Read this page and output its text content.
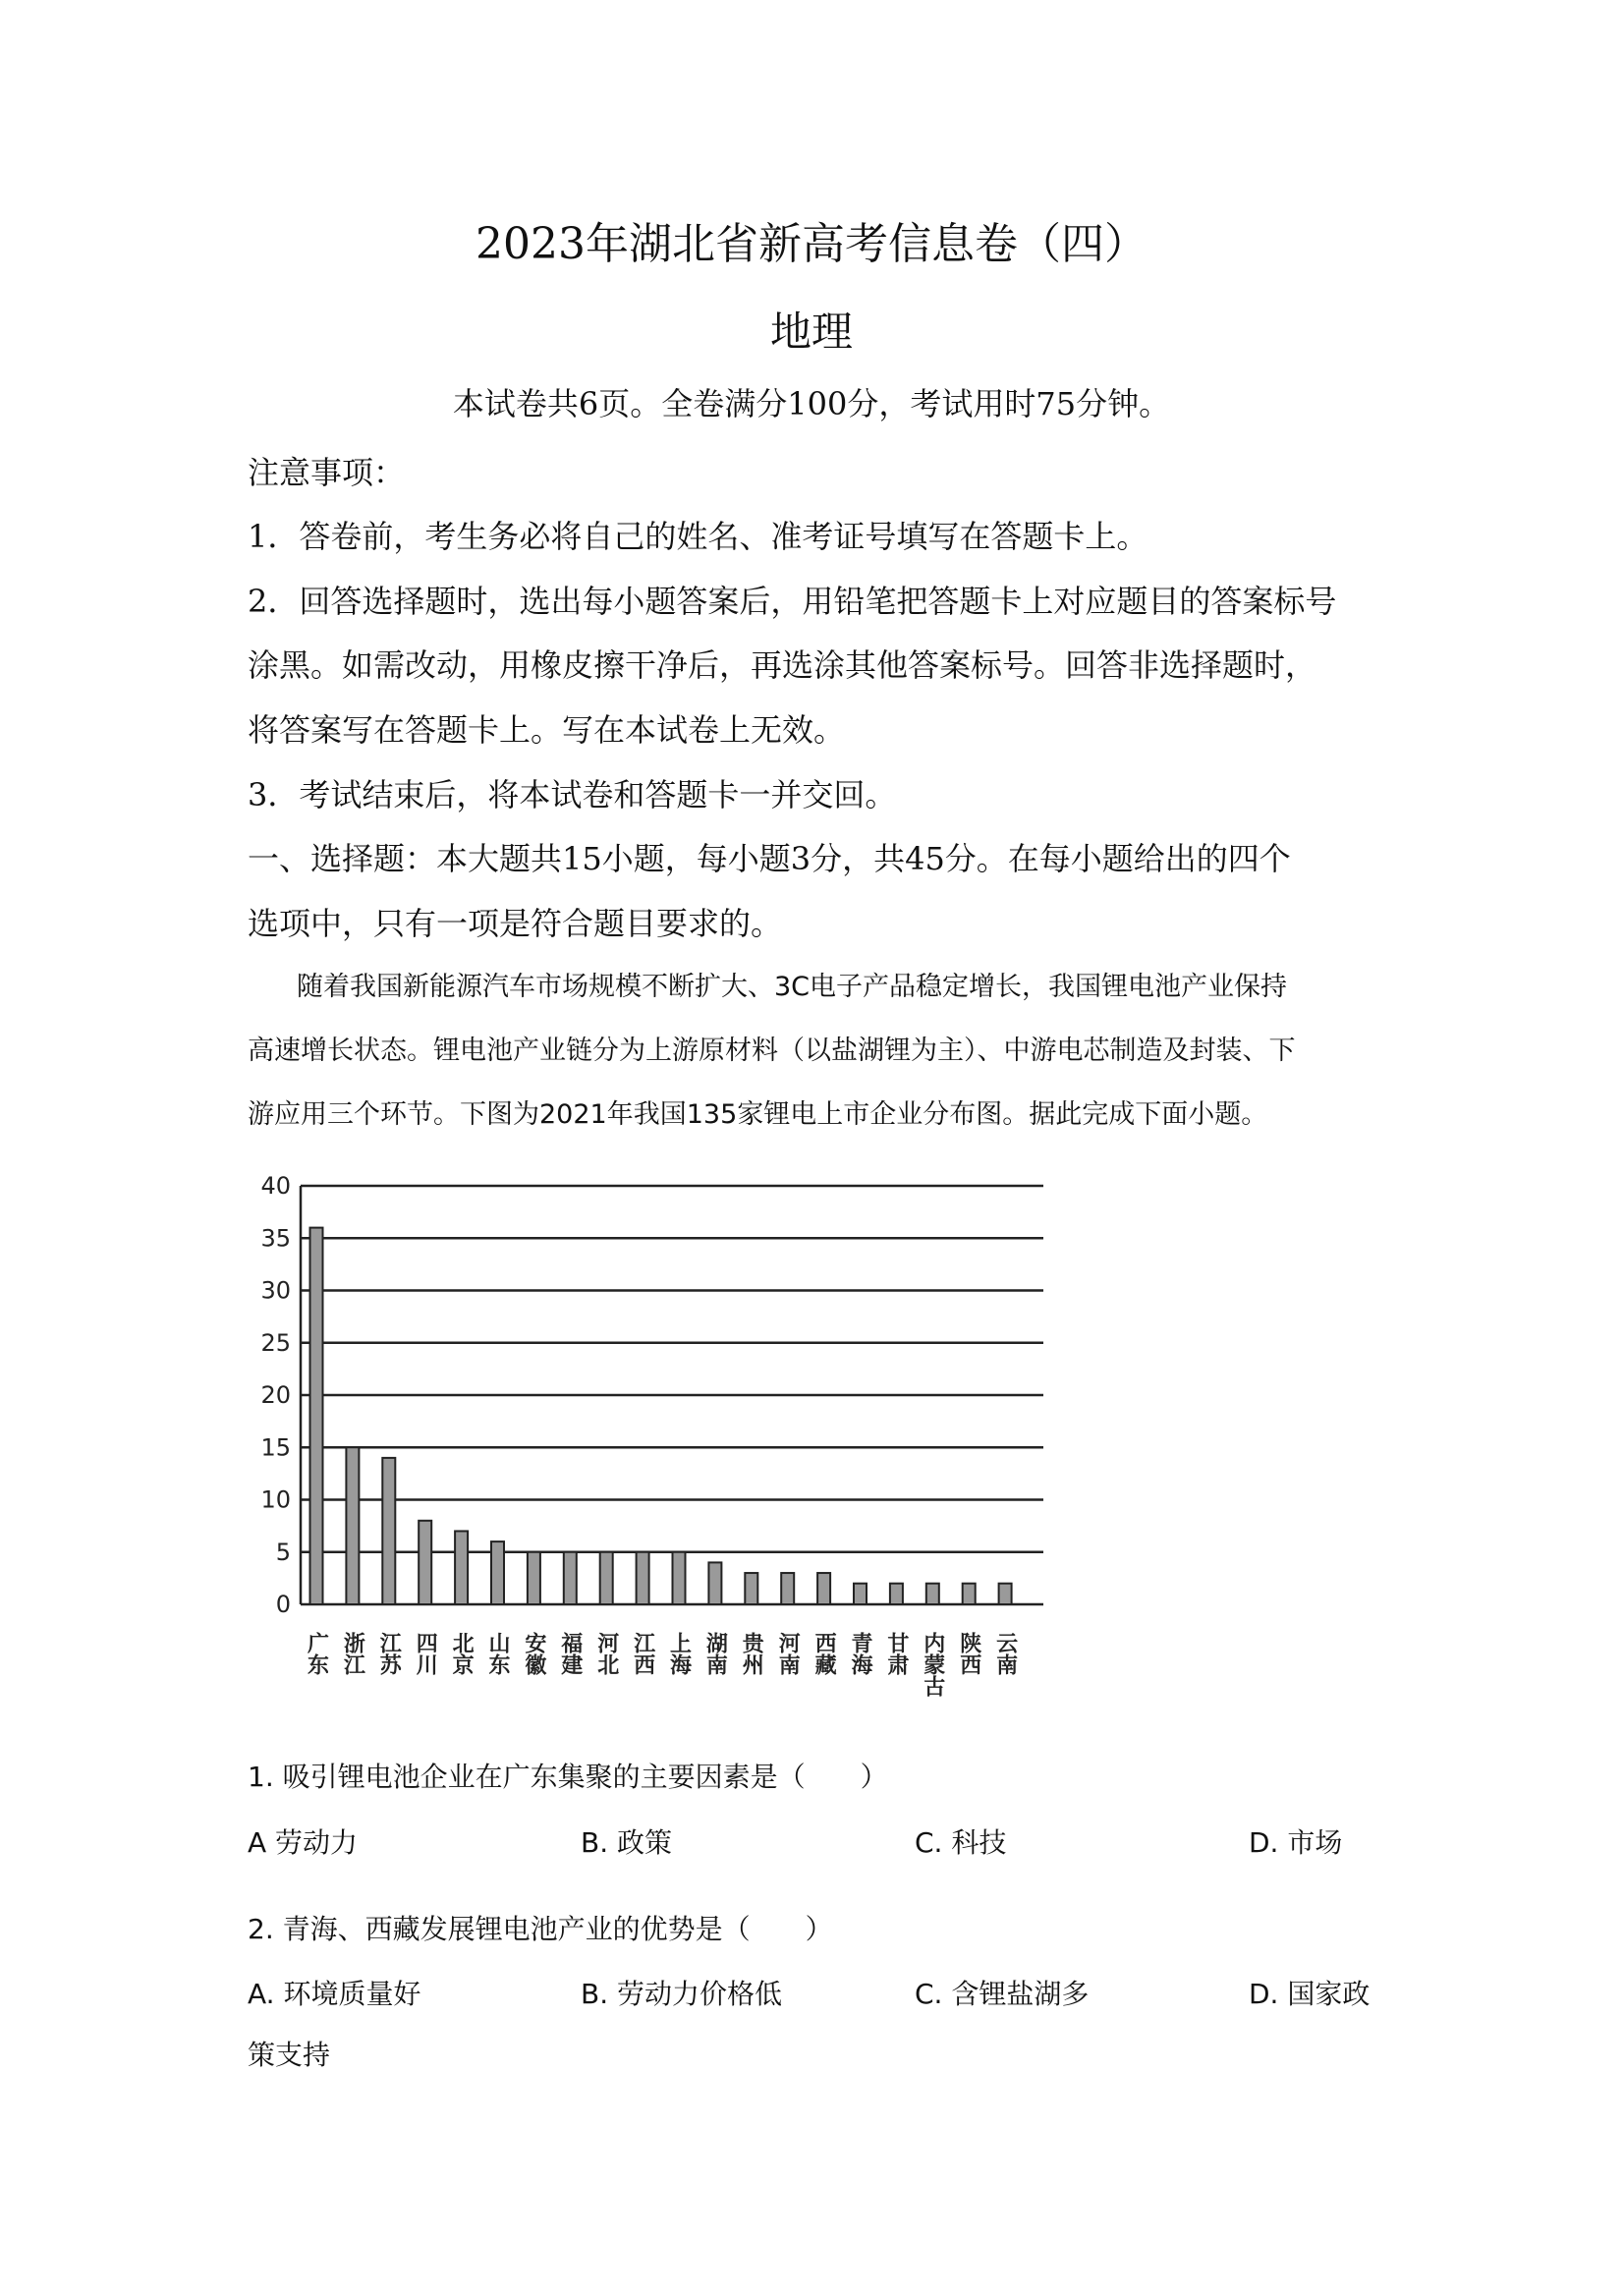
2023年湖北省新高考信息卷（四）
地理
本试卷共6页。全卷满分100分，考试用时75分钟。
注意事项：
1．答卷前，考生务必将自己的姓名、准考证号填写在答题卡上。
2．回答选择题时，选出每小题答案后，用铅笔把答题卡上对应题目的答案标号
涂黑。如需改动，用橡皮擦干净后，再选涂其他答案标号。回答非选择题时，
将答案写在答题卡上。写在本试卷上无效。
3．考试结束后，将本试卷和答题卡一并交回。
一、选择题：本大题共15小题，每小题3分，共45分。在每小题给出的四个
选项中，只有一项是符合题目要求的。
随着我国新能源汽车市场规模不断扩大、3C电子产品稳定增长，我国锂电池产业保持
高速增长状态。锂电池产业链分为上游原材料（以盐湖锂为主）、中游电芯制造及封装、下
游应用三个环节。下图为2021年我国135家锂电上市企业分布图。据此完成下面小题。
0
5
10
15
20
25
30
35
40
广东 浙江 江苏 四川 北京 山东 安徽 福建 河北 江西 上海 湖南 贵州 河南 西藏 青海 甘肃 内蒙古 陕西 云南
1. 吸引锂电池企业在广东集聚的主要因素是（　　）
A 劳动力	B. 政策	C. 科技	D. 市场
2. 青海、西藏发展锂电池产业的优势是（　　）
A. 环境质量好	B. 劳动力价格低	C. 含锂盐湖多	D. 国家政
策支持
